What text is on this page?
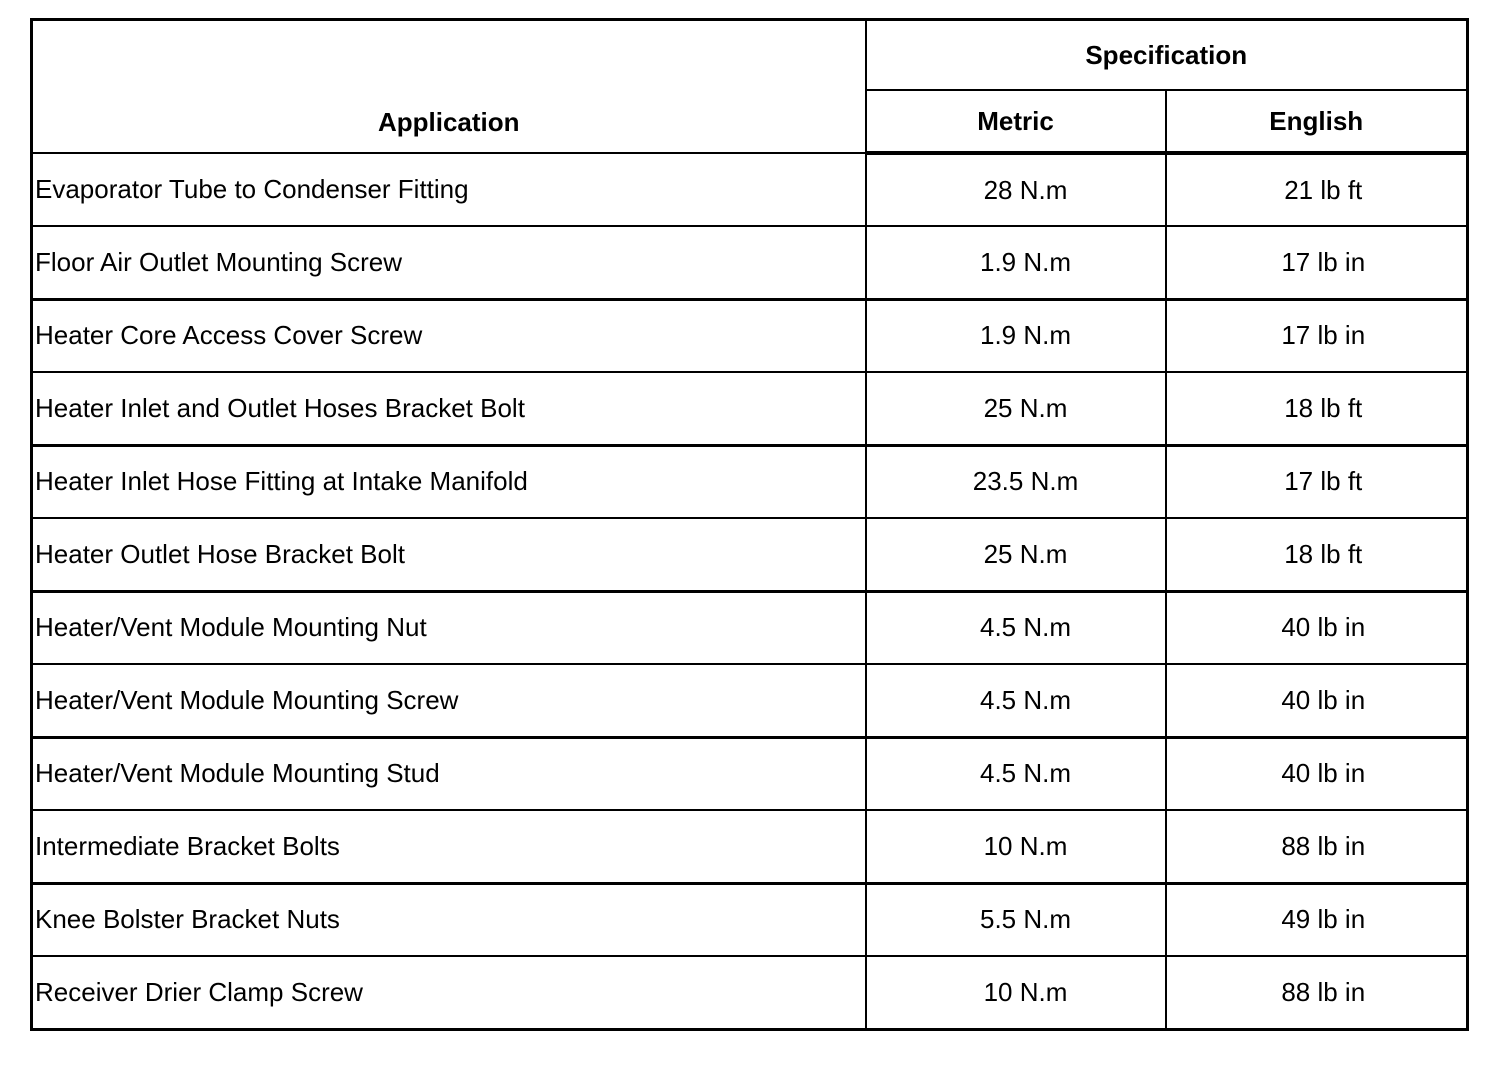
Application	Specification	
	Metric	English
Evaporator Tube to Condenser Fitting	28 N.m	21 lb ft
Floor Air Outlet Mounting Screw	1.9 N.m	17 lb in
Heater Core Access Cover Screw	1.9 N.m	17 lb in
Heater Inlet and Outlet Hoses Bracket Bolt	25 N.m	18 lb ft
Heater Inlet Hose Fitting at Intake Manifold	23.5 N.m	17 lb ft
Heater Outlet Hose Bracket Bolt	25 N.m	18 lb ft
Heater/Vent Module Mounting Nut	4.5 N.m	40 lb in
Heater/Vent Module Mounting Screw	4.5 N.m	40 lb in
Heater/Vent Module Mounting Stud	4.5 N.m	40 lb in
Intermediate Bracket Bolts	10 N.m	88 lb in
Knee Bolster Bracket Nuts	5.5 N.m	49 lb in
Receiver Drier Clamp Screw	10 N.m	88 lb in
